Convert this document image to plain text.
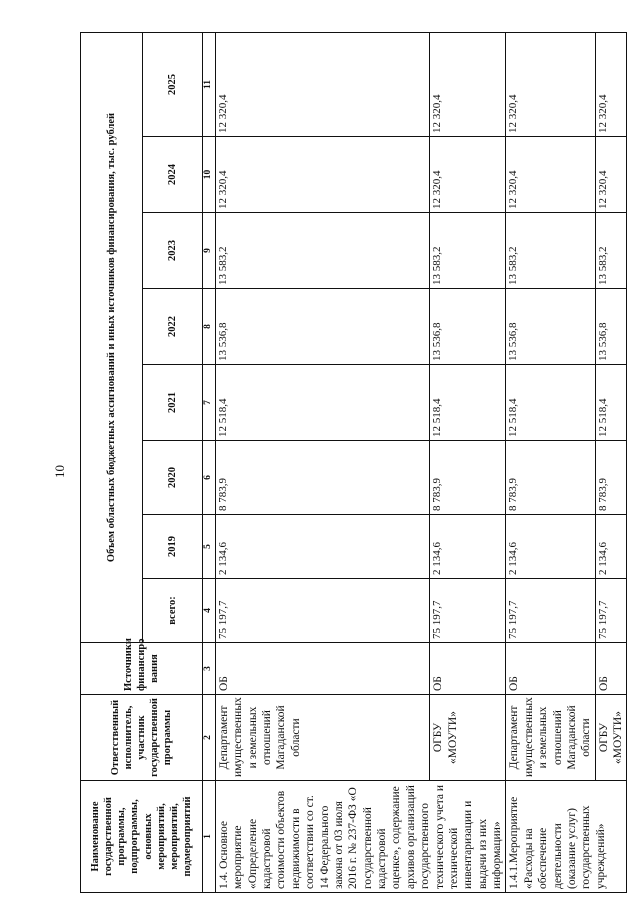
10
Наименование государственной программы, подпрограммы, основных мероприятий, мероприятий, подмероприятий	Ответственный исполнитель, участник государственной программы	Источники финансиро вания	Объем областных бюджетных ассигнований и иных источников финансирования, тыс. рублей							
			всего:	2019	2020	2021	2022	2023	2024	2025
1	2	3	4	5	6	7	8	9	10	11
1.4. Основное мероприятие «Определение кадастровой стоимости объектов недвижимости в соответствии со ст. 14 Федерального закона от 03 июля 2016 г. № 237-ФЗ «О государственной кадастровой оценке», содержание архивов организаций государственного технического учета и технической инвентаризации и выдачи из них информации»	Департамент имущественных и земельных отношений Магаданской области	ОБ	75 197,7	2 134,6	8 783,9	12 518,4	13 536,8	13 583,2	12 320,4	12 320,4
	ОГБУ «МОУТИ»	ОБ	75 197,7	2 134,6	8 783,9	12 518,4	13 536,8	13 583,2	12 320,4	12 320,4
1.4.1.Мероприятие «Расходы на обеспечение деятельности (оказание услуг) государственных учреждений»	Департамент имущественных и земельных отношений Магаданской области	ОБ	75 197,7	2 134,6	8 783,9	12 518,4	13 536,8	13 583,2	12 320,4	12 320,4
	ОГБУ «МОУТИ»	ОБ	75 197,7	2 134,6	8 783,9	12 518,4	13 536,8	13 583,2	12 320,4	12 320,4
